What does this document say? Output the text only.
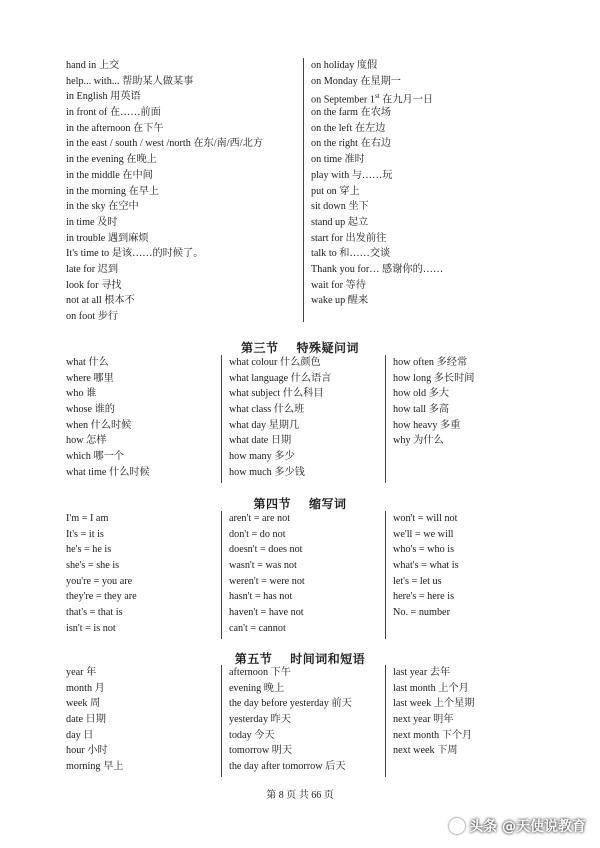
hand in 上交
help... with... 帮助某人做某事
in English 用英语
in front of 在……前面
in the afternoon 在下午
in the east / south / west /north 在东/南/西/北方
in the evening 在晚上
in the middle 在中间
in the morning 在早上
in the sky 在空中
in time 及时
in trouble 遇到麻烦
It's time to 是该……的时候了。
late for 迟到
look for 寻找
not at all 根本不
on foot 步行
on holiday 度假
on Monday 在星期一
on September 1st 在九月一日
on the farm 在农场
on the left 在左边
on the right 在右边
on time 准时
play with 与……玩
put on 穿上
sit down 坐下
stand up 起立
start for 出发前往
talk to 和……交谈
Thank you for… 感谢你的……
wait for 等待
wake up 醒来
第三节 特殊疑问词
what 什么
where 哪里
who 谁
whose 谁的
when 什么时候
how 怎样
which 哪一个
what time 什么时候
what colour 什么颜色
what language 什么语言
what subject 什么科目
what class 什么班
what day 星期几
what date 日期
how many 多少
how much 多少钱
how often 多经常
how long 多长时间
how old 多大
how tall 多高
how heavy 多重
why 为什么
第四节 缩写词
I'm = I am
It's = it is
he's = he is
she's = she is
you're = you are
they're = they are
that's = that is
isn't = is not
aren't = are not
don't = do not
doesn't = does not
wasn't = was not
weren't = were not
hasn't = has not
haven't = have not
can't = cannot
won't = will not
we'll = we will
who's = who is
what's = what is
let's = let us
here's = here is
No. = number
第五节 时间词和短语
year 年
month 月
week 周
date 日期
day 日
hour 小时
morning 早上
afternoon 下午
evening 晚上
the day before yesterday 前天
yesterday 昨天
today 今天
tomorrow 明天
the day after tomorrow 后天
last year 去年
last month 上个月
last week 上个星期
next year 明年
next month 下个月
next week 下周
第 8 页 共 66 页
头条 @天使说教育
